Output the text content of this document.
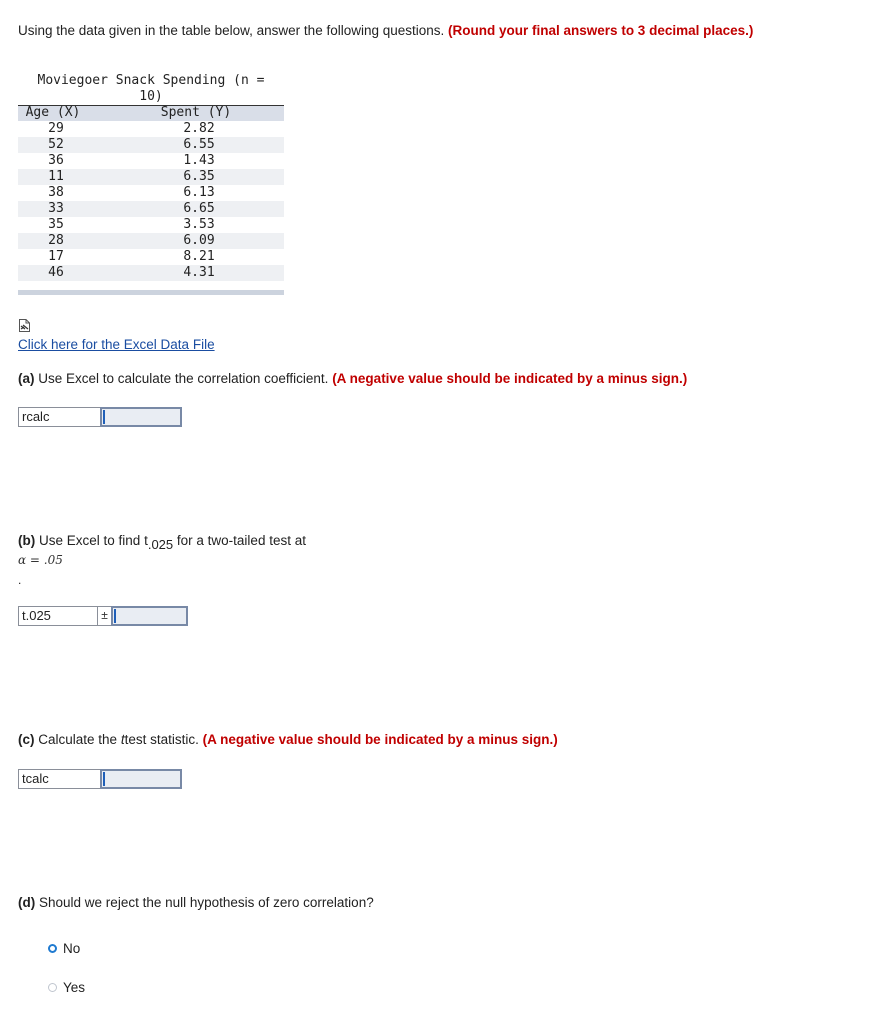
Using the data given in the table below, answer the following questions. (Round your final answers to 3 decimal places.)
Moviegoer Snack Spending (n =
10)
Age (X)	Spent (Y)
29	2.82
52	6.55
36	1.43
11	6.35
38	6.13
33	6.65
35	3.53
28	6.09
17	8.21
46	4.31
Click here for the Excel Data File
(a) Use Excel to calculate the correlation coefficient. (A negative value should be indicated by a minus sign.)
rcalc
(b) Use Excel to find $t_{.025}$ for a two-tailed test at
α = .05
.
t.025	±
(c) Calculate the ttest statistic. (A negative value should be indicated by a minus sign.)
tcalc
(d) Should we reject the null hypothesis of zero correlation?
No
Yes
